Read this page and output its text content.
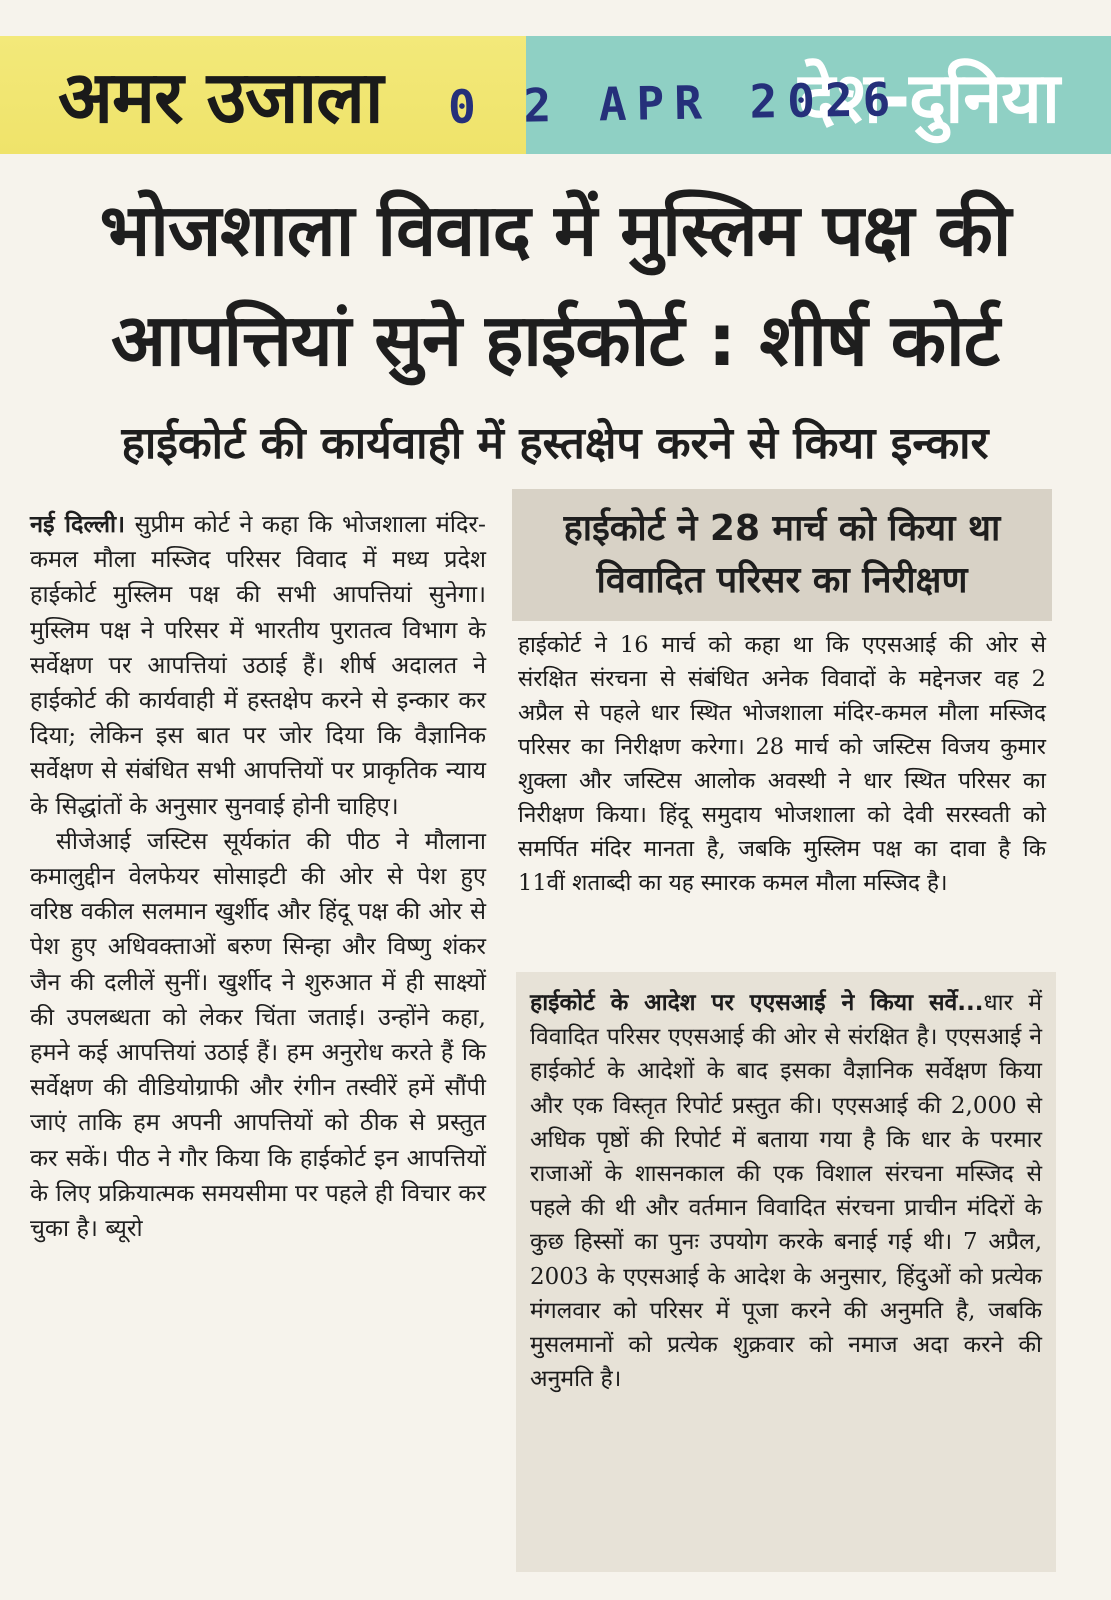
अमर उजाला	देश-दुनिया
0 2 APR 2026
भोजशाला विवाद में मुस्लिम पक्ष की
आपत्तियां सुने हाईकोर्ट : शीर्ष कोर्ट
हाईकोर्ट की कार्यवाही में हस्तक्षेप करने से किया इन्कार

नई दिल्ली। सुप्रीम कोर्ट ने कहा कि भोजशाला मंदिर-कमल मौला मस्जिद परिसर विवाद में मध्य प्रदेश हाईकोर्ट मुस्लिम पक्ष की सभी आपत्तियां सुनेगा। मुस्लिम पक्ष ने परिसर में भारतीय पुरातत्व विभाग के सर्वेक्षण पर आपत्तियां उठाई हैं। शीर्ष अदालत ने हाईकोर्ट की कार्यवाही में हस्तक्षेप करने से इन्कार कर दिया; लेकिन इस बात पर जोर दिया कि वैज्ञानिक सर्वेक्षण से संबंधित सभी आपत्तियों पर प्राकृतिक न्याय के सिद्धांतों के अनुसार सुनवाई होनी चाहिए।

सीजेआई जस्टिस सूर्यकांत की पीठ ने मौलाना कमालुद्दीन वेलफेयर सोसाइटी की ओर से पेश हुए वरिष्ठ वकील सलमान खुर्शीद और हिंदू पक्ष की ओर से पेश हुए अधिवक्ताओं बरुण सिन्हा और विष्णु शंकर जैन की दलीलें सुनीं। खुर्शीद ने शुरुआत में ही साक्ष्यों की उपलब्धता को लेकर चिंता जताई। उन्होंने कहा, हमने कई आपत्तियां उठाई हैं। हम अनुरोध करते हैं कि सर्वेक्षण की वीडियोग्राफी और रंगीन तस्वीरें हमें सौंपी जाएं ताकि हम अपनी आपत्तियों को ठीक से प्रस्तुत कर सकें। पीठ ने गौर किया कि हाईकोर्ट इन आपत्तियों के लिए प्रक्रियात्मक समयसीमा पर पहले ही विचार कर चुका है। ब्यूरो

हाईकोर्ट ने 28 मार्च को किया था विवादित परिसर का निरीक्षण
हाईकोर्ट ने 16 मार्च को कहा था कि एएसआई की ओर से संरक्षित संरचना से संबंधित अनेक विवादों के मद्देनजर वह 2 अप्रैल से पहले धार स्थित भोजशाला मंदिर-कमल मौला मस्जिद परिसर का निरीक्षण करेगा। 28 मार्च को जस्टिस विजय कुमार शुक्ला और जस्टिस आलोक अवस्थी ने धार स्थित परिसर का निरीक्षण किया। हिंदू समुदाय भोजशाला को देवी सरस्वती को समर्पित मंदिर मानता है, जबकि मुस्लिम पक्ष का दावा है कि 11वीं शताब्दी का यह स्मारक कमल मौला मस्जिद है।
हाईकोर्ट के आदेश पर एएसआई ने किया सर्वे...धार में विवादित परिसर एएसआई की ओर से संरक्षित है। एएसआई ने हाईकोर्ट के आदेशों के बाद इसका वैज्ञानिक सर्वेक्षण किया और एक विस्तृत रिपोर्ट प्रस्तुत की। एएसआई की 2,000 से अधिक पृष्ठों की रिपोर्ट में बताया गया है कि धार के परमार राजाओं के शासनकाल की एक विशाल संरचना मस्जिद से पहले की थी और वर्तमान विवादित संरचना प्राचीन मंदिरों के कुछ हिस्सों का पुनः उपयोग करके बनाई गई थी। 7 अप्रैल, 2003 के एएसआई के आदेश के अनुसार, हिंदुओं को प्रत्येक मंगलवार को परिसर में पूजा करने की अनुमति है, जबकि मुसलमानों को प्रत्येक शुक्रवार को नमाज अदा करने की अनुमति है।
